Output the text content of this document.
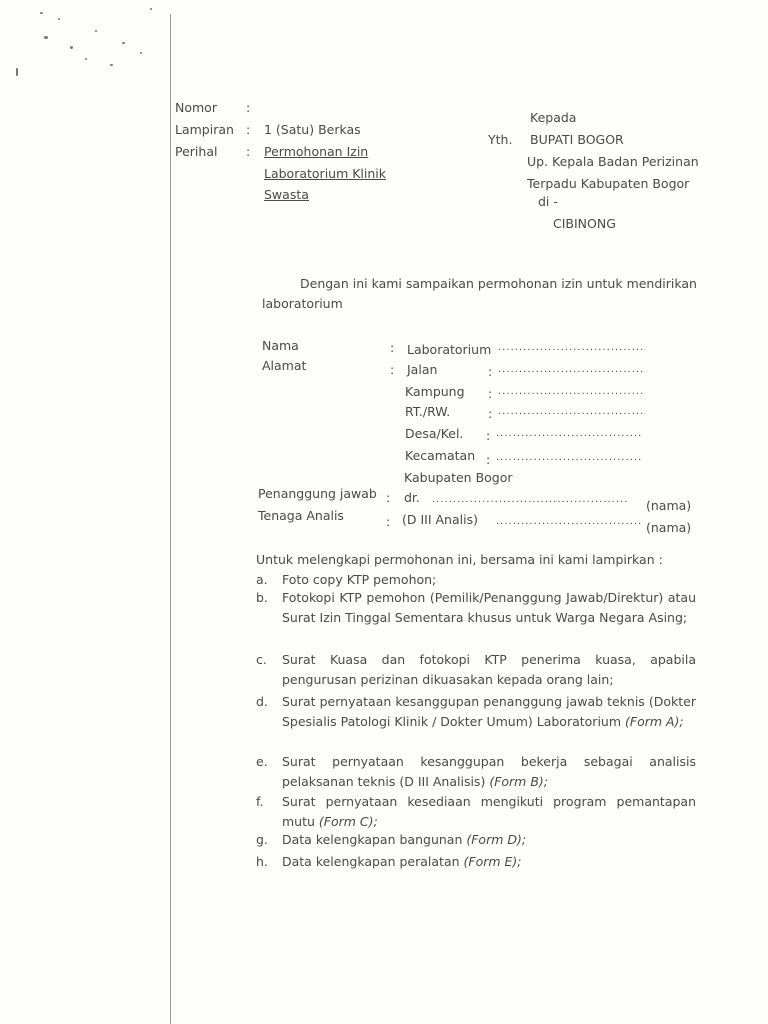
Nomor :
Lampiran : 1 (Satu) Berkas
Perihal : Permohonan Izin
Laboratorium Klinik
Swasta
Kepada
Yth. BUPATI BOGOR
Up. Kepala Badan Perizinan
Terpadu Kabupaten Bogor
di -
CIBINONG
Dengan ini kami sampaikan permohonan izin untuk mendirikan
laboratorium
Nama	: Laboratorium ...................................
Alamat	: Jalan	: ...................................
Kampung : ...................................
RT./RW.	: ...................................
Desa/Kel. : ...................................
Kecamatan : ...................................
Kabupaten Bogor
Penanggung jawab : dr. ............................................... (nama)
Tenaga Analis	: (D III Analis) ................................... (nama)
Untuk melengkapi permohonan ini, bersama ini kami lampirkan :
a. Foto copy KTP pemohon;
b. Fotokopi KTP pemohon (Pemilik/Penanggung Jawab/Direktur) atau Surat Izin Tinggal Sementara khusus untuk Warga Negara Asing;
c. Surat Kuasa dan fotokopi KTP penerima kuasa, apabila pengurusan perizinan dikuasakan kepada orang lain;
d. Surat pernyataan kesanggupan penanggung jawab teknis (Dokter Spesialis Patologi Klinik / Dokter Umum) Laboratorium (Form A);
e. Surat pernyataan kesanggupan bekerja sebagai analisis pelaksanan teknis (D III Analisis) (Form B);
f. Surat pernyataan kesediaan mengikuti program pemantapan mutu (Form C);
g. Data kelengkapan bangunan (Form D);
h. Data kelengkapan peralatan (Form E);
